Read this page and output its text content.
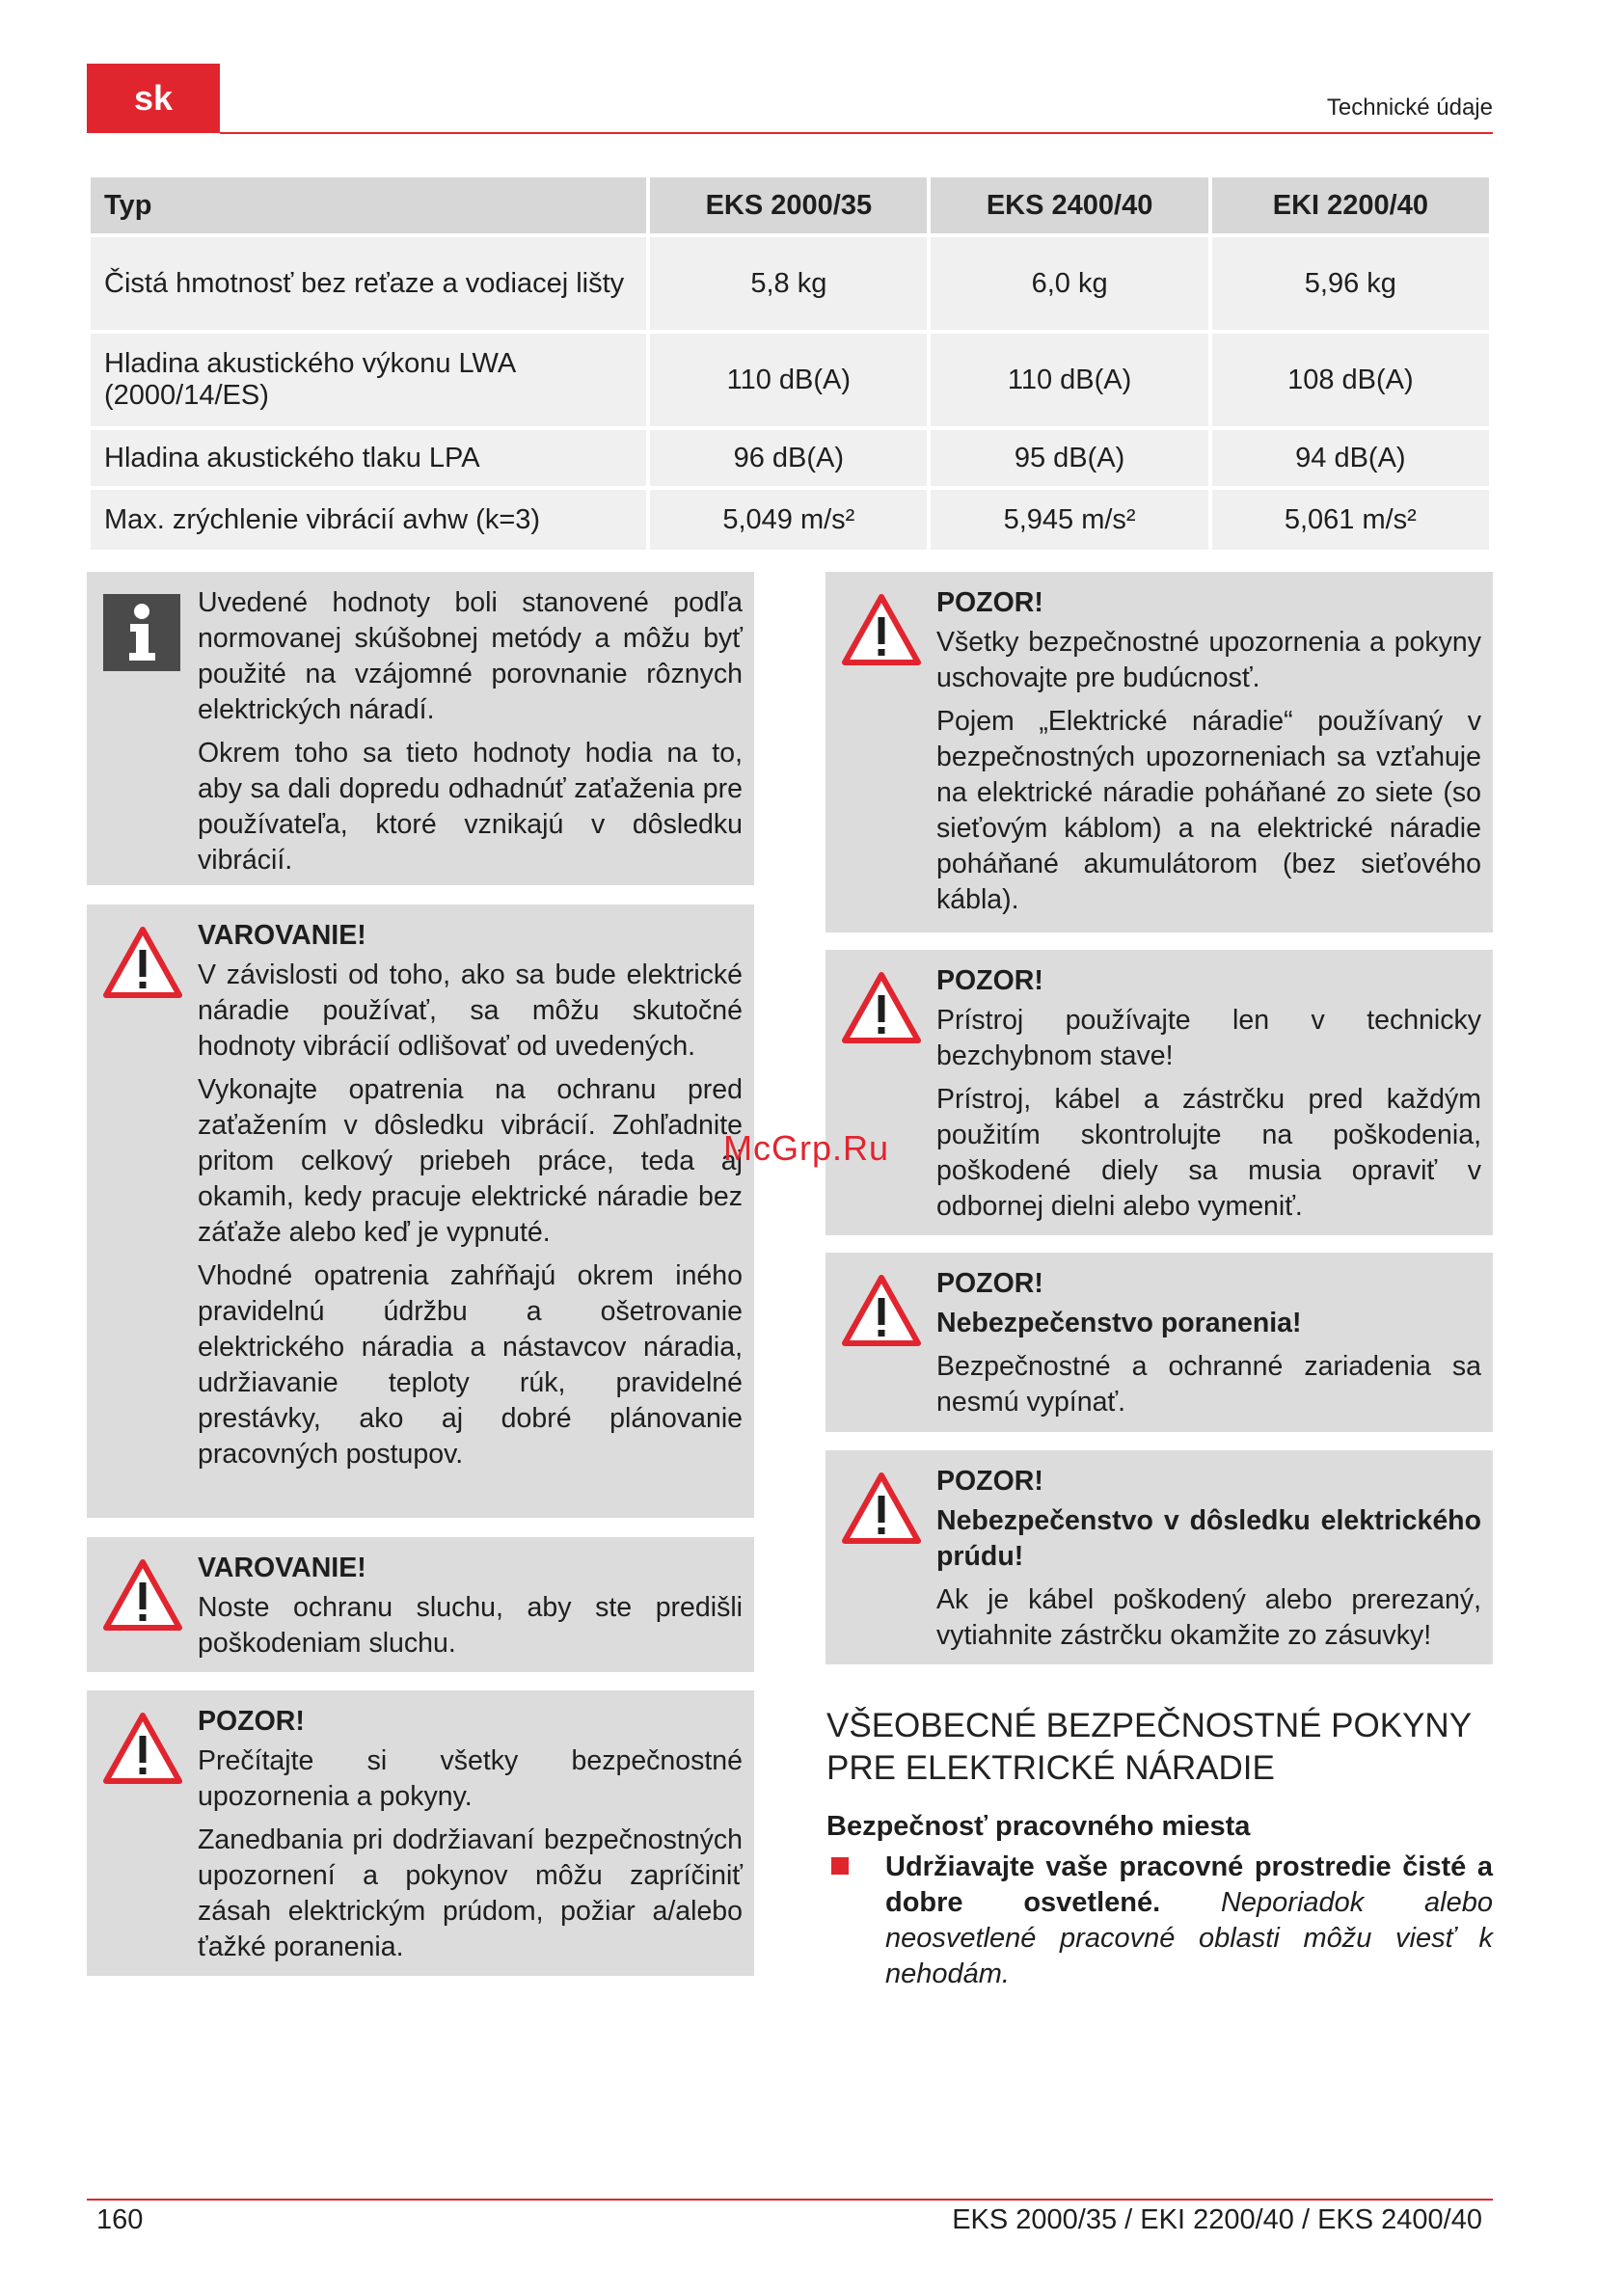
sk	Technické údaje
Typ	EKS 2000/35	EKS 2400/40	EKI 2200/40
Čistá hmotnosť bez reťaze a vodiacej lišty	5,8 kg	6,0 kg	5,96 kg
Hladina akustického výkonu LWA (2000/14/ES)	110 dB(A)	110 dB(A)	108 dB(A)
Hladina akustického tlaku LPA	96 dB(A)	95 dB(A)	94 dB(A)
Max. zrýchlenie vibrácií avhw (k=3)	5,049 m/s²	5,945 m/s²	5,061 m/s²

Uvedené hodnoty boli stanovené podľa normovanej skúšobnej metódy a môžu byť použité na vzájomné porovnanie rôznych elektrických náradí.

Okrem toho sa tieto hodnoty hodia na to, aby sa dali dopredu odhadnúť zaťaženia pre používateľa, ktoré vznikajú v dôsledku vibrácií.

VAROVANIE!

V závislosti od toho, ako sa bude elektrické náradie používať, sa môžu skutočné hodnoty vibrácií odlišovať od uvedených.

Vykonajte opatrenia na ochranu pred zaťažením v dôsledku vibrácií. Zohľadnite pritom celkový priebeh práce, teda aj okamih, kedy pracuje elektrické náradie bez záťaže alebo keď je vypnuté.

Vhodné opatrenia zahŕňajú okrem iného pravidelnú údržbu a ošetrovanie elektrického náradia a nástavcov náradia, udržiavanie teploty rúk, pravidelné prestávky, ako aj dobré plánovanie pracovných postupov.

VAROVANIE!

Noste ochranu sluchu, aby ste predišli poškodeniam sluchu.

POZOR!

Prečítajte si všetky bezpečnostné upozornenia a pokyny.

Zanedbania pri dodržiavaní bezpečnostných upozornení a pokynov môžu zapríčiniť zásah elektrickým prúdom, požiar a/alebo ťažké poranenia.

POZOR!

Všetky bezpečnostné upozornenia a pokyny uschovajte pre budúcnosť.

Pojem „Elektrické náradie“ používaný v bezpečnostných upozorneniach sa vzťahuje na elektrické náradie poháňané zo siete (so sieťovým káblom) a na elektrické náradie poháňané akumulátorom (bez sieťového kábla).

POZOR!

Prístroj používajte len v technicky bezchybnom stave!

Prístroj, kábel a zástrčku pred každým použitím skontrolujte na poškodenia, poškodené diely sa musia opraviť v odbornej dielni alebo vymeniť.

POZOR!

Nebezpečenstvo poranenia!

Bezpečnostné a ochranné zariadenia sa nesmú vypínať.

POZOR!

Nebezpečenstvo v dôsledku elektrického prúdu!

Ak je kábel poškodený alebo prerezaný, vytiahnite zástrčku okamžite zo zásuvky!

VŠEOBECNÉ BEZPEČNOSTNÉ POKYNY PRE ELEKTRICKÉ NÁRADIE
Bezpečnosť pracovného miesta
Udržiavajte vaše pracovné prostredie čisté a dobre osvetlené. Neporiadok alebo neosvetlené pracovné oblasti môžu viesť k nehodám.
McGrp.Ru
160	EKS 2000/35 / EKI 2200/40 / EKS 2400/40
